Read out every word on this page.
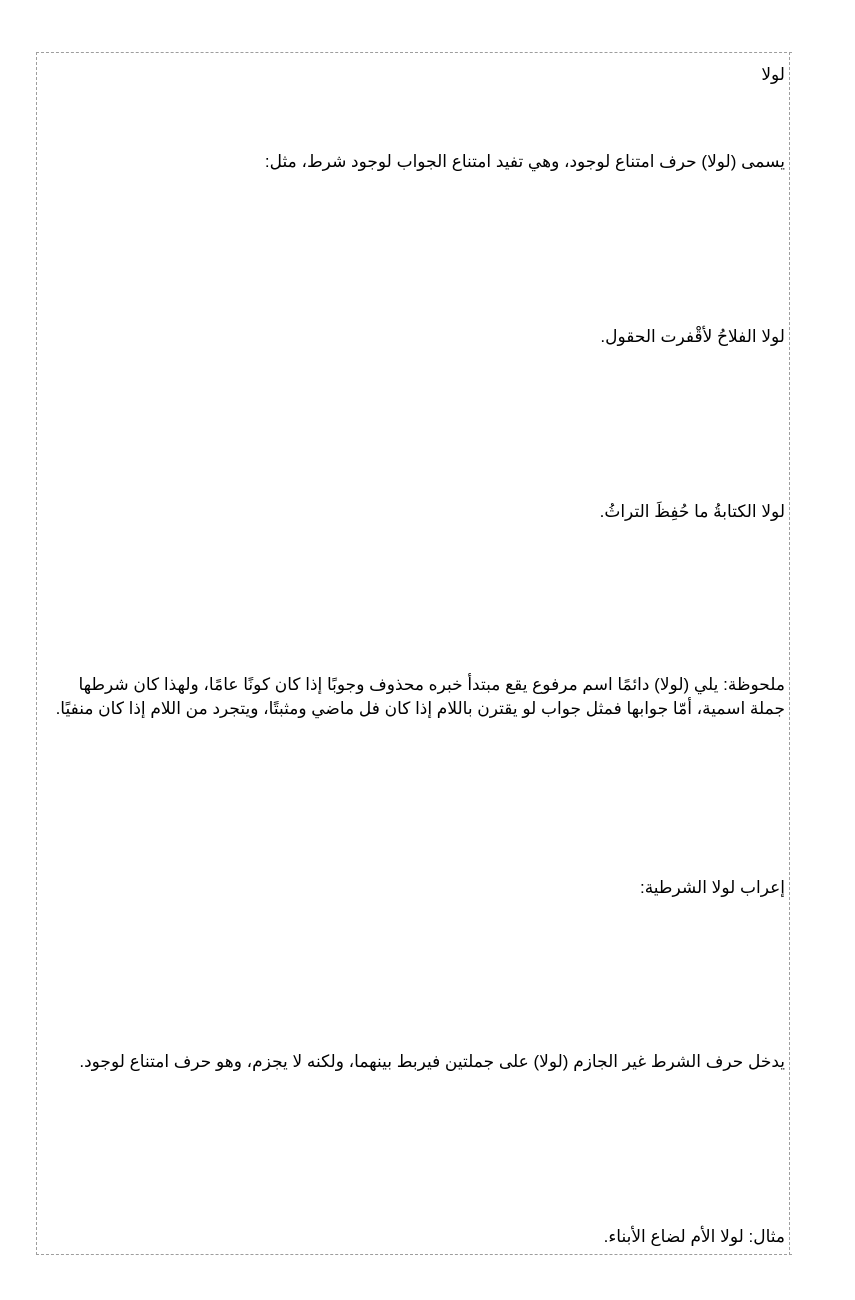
لولا
يسمى (لولا) حرف امتناع لوجود، وهي تفيد امتناع الجواب لوجود شرط، مثل:
لولا الفلاحُ لأقْفرت الحقول.
لولا الكتابةُ ما حُفِظَ التراثُ.
ملحوظة: يلي (لولا) دائمًا اسم مرفوع يقع مبتدأ خبره محذوف وجوبًا إذا كان كونًا عامًا، ولهذا كان شرطها جملة اسمية، أمّا جوابها فمثل جواب لو يقترن باللام إذا كان فل ماضي ومثبتًا، ويتجرد من اللام إذا كان منفيًا.
إعراب لولا الشرطية:
يدخل حرف الشرط غير الجازم (لولا) على جملتين فيربط بينهما، ولكنه لا يجزم، وهو حرف امتناع لوجود.
مثال: لولا الأم لضاع الأبناء.
